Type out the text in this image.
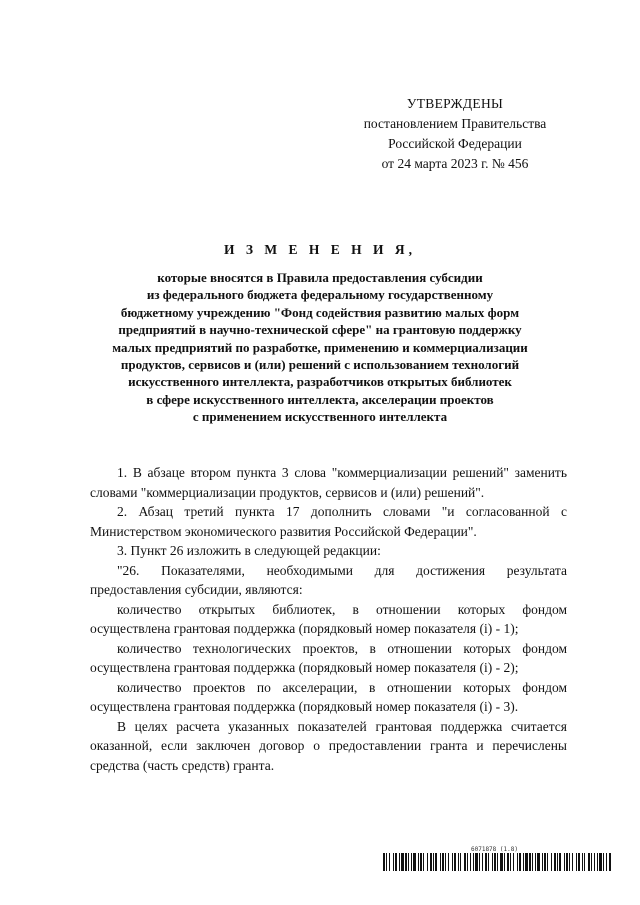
УТВЕРЖДЕНЫ
постановлением Правительства
Российской Федерации
от 24 марта 2023 г. № 456
И З М Е Н Е Н И Я,
которые вносятся в Правила предоставления субсидии
из федерального бюджета федеральному государственному
бюджетному учреждению "Фонд содействия развитию малых форм
предприятий в научно-технической сфере" на грантовую поддержку
малых предприятий по разработке, применению и коммерциализации
продуктов, сервисов и (или) решений с использованием технологий
искусственного интеллекта, разработчиков открытых библиотек
в сфере искусственного интеллекта, акселерации проектов
с применением искусственного интеллекта

1. В абзаце втором пункта 3 слова "коммерциализации решений" заменить словами "коммерциализации продуктов, сервисов и (или) решений".

2. Абзац третий пункта 17 дополнить словами "и согласованной с Министерством экономического развития Российской Федерации".

3. Пункт 26 изложить в следующей редакции:

"26. Показателями, необходимыми для достижения результата предоставления субсидии, являются:

количество открытых библиотек, в отношении которых фондом осуществлена грантовая поддержка (порядковый номер показателя (i) - 1);

количество технологических проектов, в отношении которых фондом осуществлена грантовая поддержка (порядковый номер показателя (i) - 2);

количество проектов по акселерации, в отношении которых фондом осуществлена грантовая поддержка (порядковый номер показателя (i) - 3).

В целях расчета указанных показателей грантовая поддержка считается оказанной, если заключен договор о предоставлении гранта и перечислены средства (часть средств) гранта.

6071878 (1.8)
